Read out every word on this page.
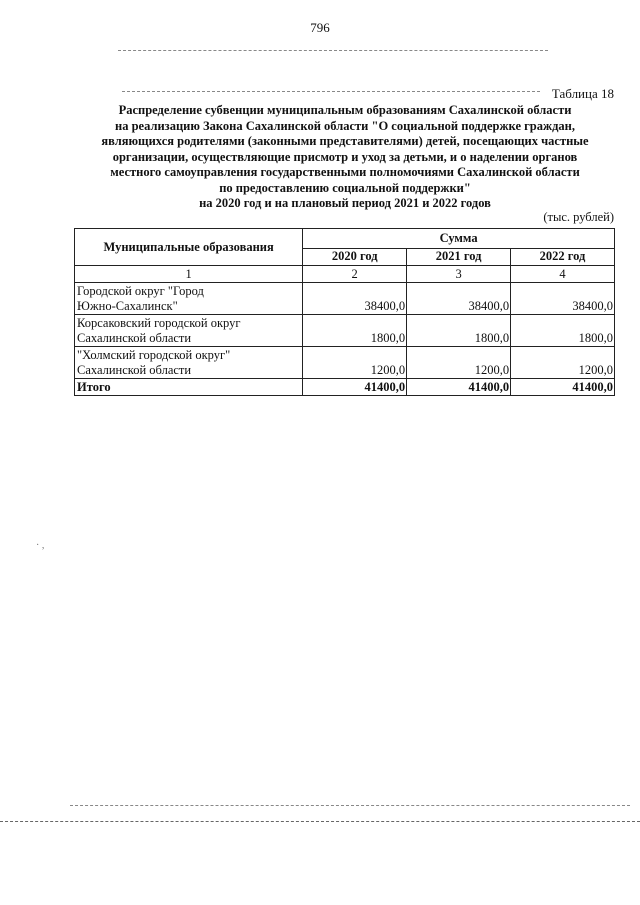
796
Таблица 18
Распределение субвенции муниципальным образованиям Сахалинской области
на реализацию Закона Сахалинской области "О социальной поддержке граждан,
являющихся родителями (законными представителями) детей, посещающих частные
организации, осуществляющие присмотр и уход за детьми, и о наделении органов
местного самоуправления государственными полномочиями Сахалинской области
по предоставлению социальной поддержки"
на 2020 год и на плановый период 2021 и 2022 годов
(тыс. рублей)
Муниципальные образования	Сумма		
	2020 год	2021 год	2022 год
1	2	3	4

Городской округ "Город
Южно-Сахалинск"	38400,0	38400,0	38400,0

Корсаковский городской округ
Сахалинской области	1800,0	1800,0	1800,0

"Холмский городской округ"
Сахалинской области	1200,0	1200,0	1200,0
Итого	41400,0	41400,0	41400,0
· ,
